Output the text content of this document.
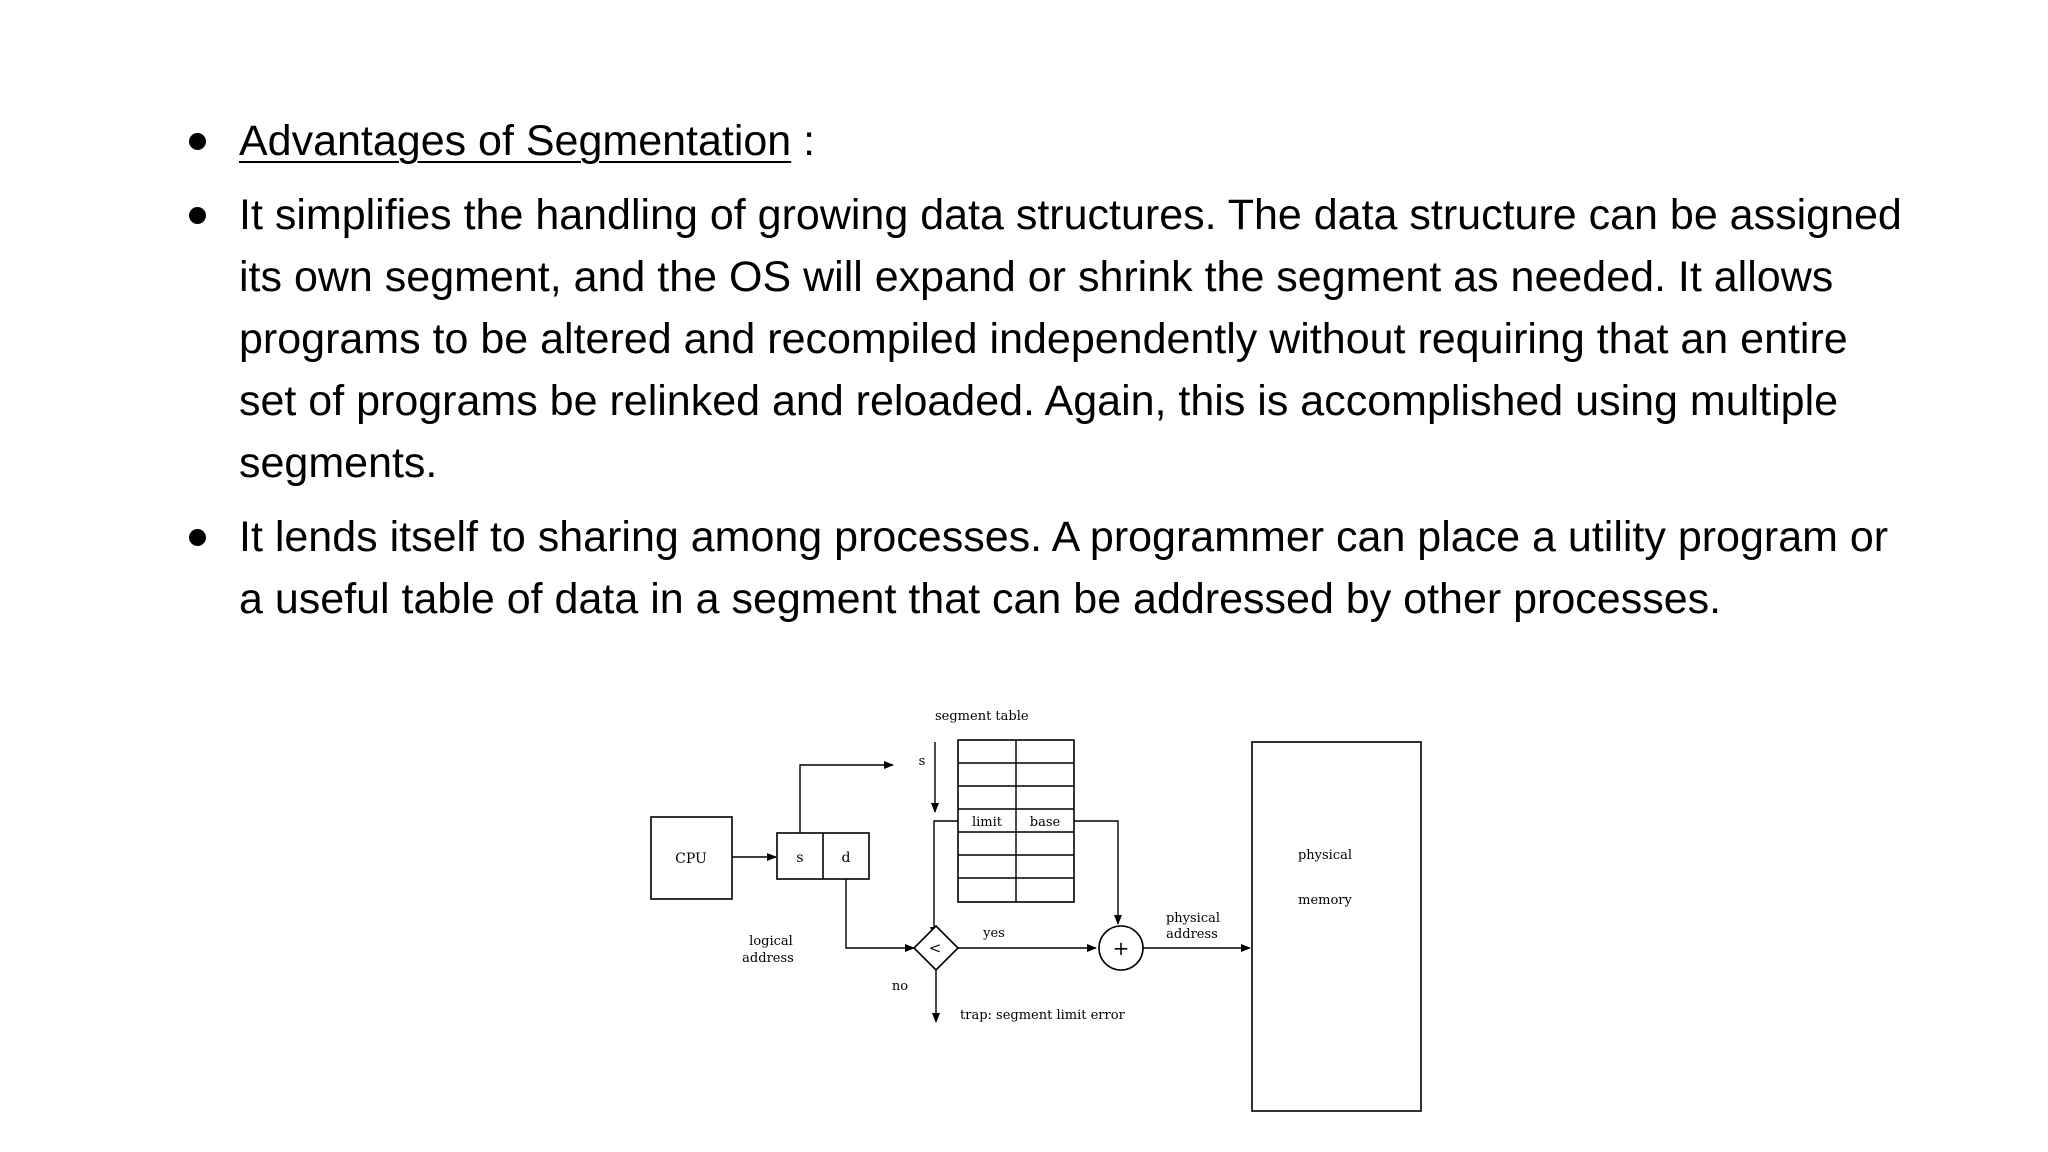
Advantages of Segmentation :
It simplifies the handling of growing data structures. The data structure can be assigned its own segment, and the OS will expand or shrink the segment as needed. It allows programs to be altered and recompiled independently without requiring that an entire set of programs be relinked and reloaded. Again, this is accomplished using multiple segments.
It lends itself to sharing among processes. A programmer can place a utility program or a useful table of data in a segment that can be addressed by other processes.
segment table
CPU	s	d
s
limit base
logical
address
<
yes
no
trap: segment limit error
+
physical
address
physical
memory
